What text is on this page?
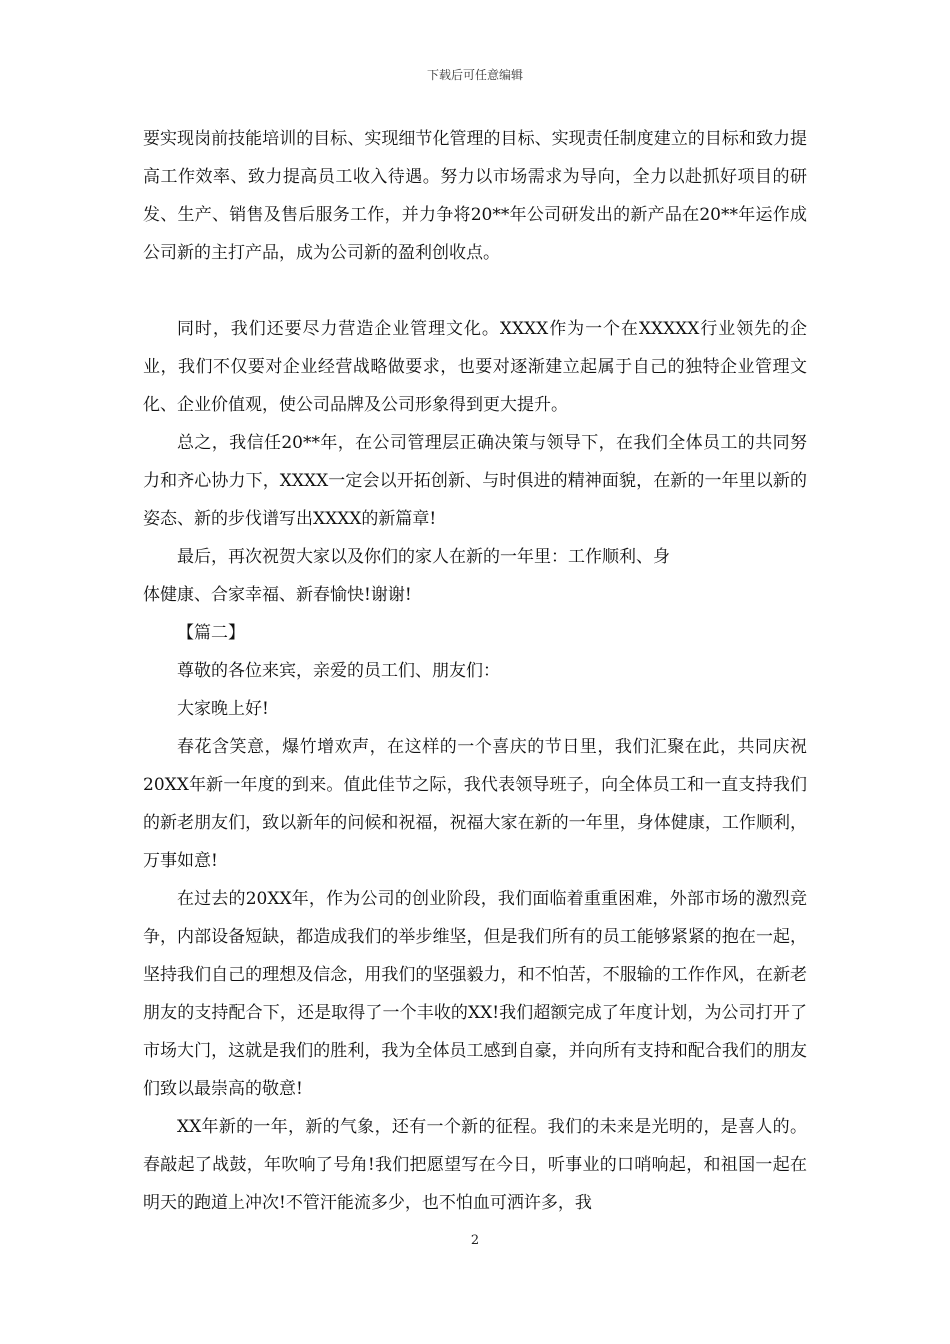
下载后可任意编辑

要实现岗前技能培训的目标、实现细节化管理的目标、实现责任制度建立的目标和致力提高工作效率、致力提高员工收入待遇。努力以市场需求为导向，全力以赴抓好项目的研发、生产、销售及售后服务工作，并力争将20**年公司研发出的新产品在20**年运作成公司新的主打产品，成为公司新的盈利创收点。

同时，我们还要尽力营造企业管理文化。XXXX作为一个在XXXXX行业领先的企业，我们不仅要对企业经营战略做要求，也要对逐渐建立起属于自己的独特企业管理文化、企业价值观，使公司品牌及公司形象得到更大提升。

总之，我信任20**年，在公司管理层正确决策与领导下，在我们全体员工的共同努力和齐心协力下，XXXX一定会以开拓创新、与时俱进的精神面貌，在新的一年里以新的姿态、新的步伐谱写出XXXX的新篇章!

最后，再次祝贺大家以及你们的家人在新的一年里：工作顺利、身

体健康、合家幸福、新春愉快!谢谢!

【篇二】

尊敬的各位来宾，亲爱的员工们、朋友们：

大家晚上好!

春花含笑意，爆竹增欢声，在这样的一个喜庆的节日里，我们汇聚在此，共同庆祝20XX年新一年度的到来。值此佳节之际，我代表领导班子，向全体员工和一直支持我们的新老朋友们，致以新年的问候和祝福，祝福大家在新的一年里，身体健康，工作顺利，万事如意!

在过去的20XX年，作为公司的创业阶段，我们面临着重重困难，外部市场的激烈竞争，内部设备短缺，都造成我们的举步维坚，但是我们所有的员工能够紧紧的抱在一起，坚持我们自己的理想及信念，用我们的坚强毅力，和不怕苦，不服输的工作作风，在新老朋友的支持配合下，还是取得了一个丰收的XX!我们超额完成了年度计划，为公司打开了市场大门，这就是我们的胜利，我为全体员工感到自豪，并向所有支持和配合我们的朋友们致以最崇高的敬意!

XX年新的一年，新的气象，还有一个新的征程。我们的未来是光明的，是喜人的。春敲起了战鼓，年吹响了号角!我们把愿望写在今日，听事业的口哨响起，和祖国一起在明天的跑道上冲次!不管汗能流多少，也不怕血可洒许多，我

2
